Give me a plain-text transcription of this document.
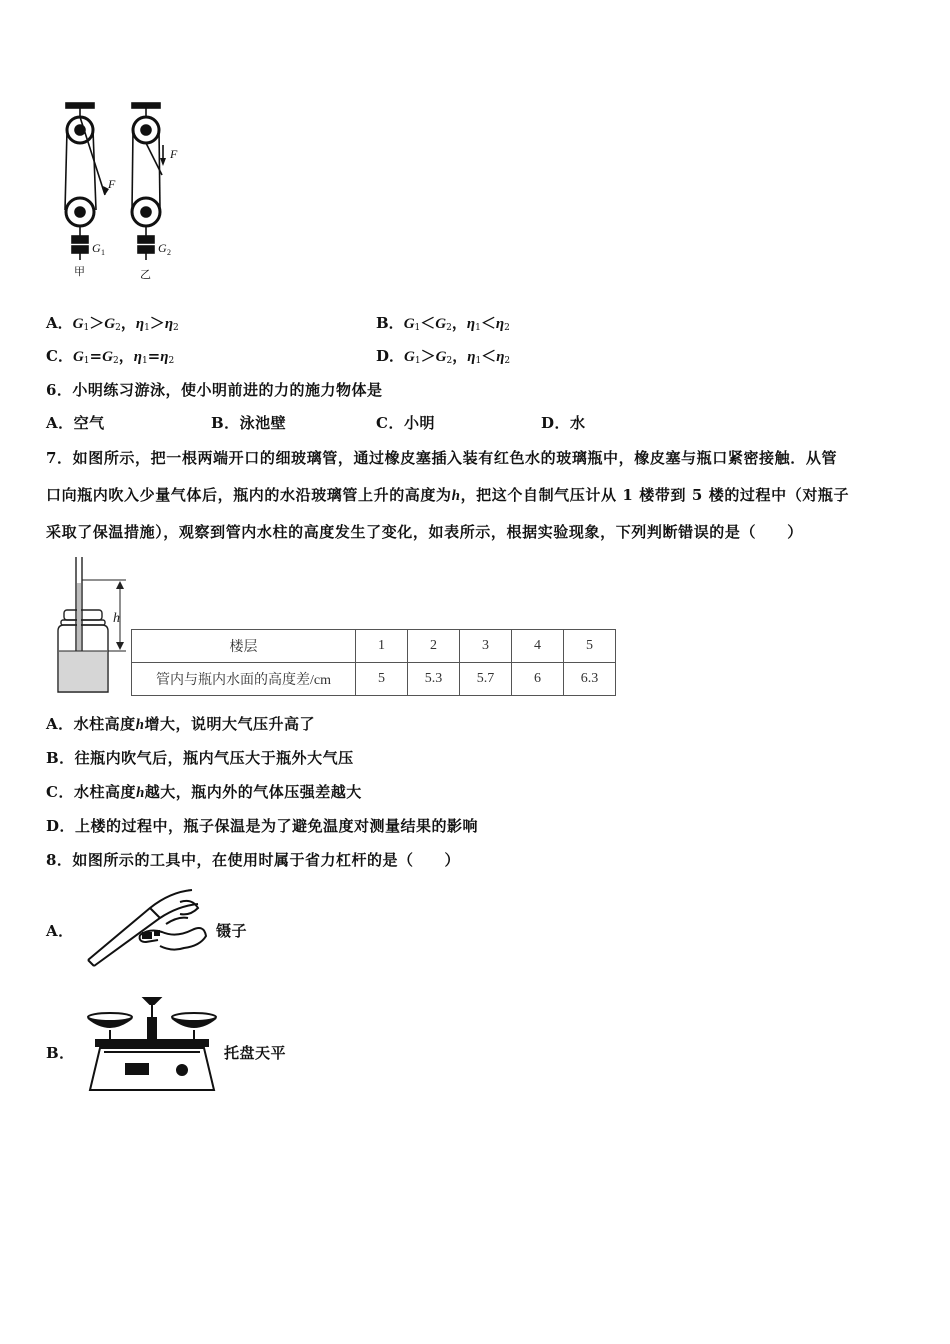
F
F
G	G
1	2
甲	乙
A．$G_1>G_2$，$\eta_1>\eta_2$	B．$G_1<G_2$，$\eta_1<\eta_2$
C．$G_1=G_2$，$\eta_1=\eta_2$	D．$G_1>G_2$，$\eta_1<\eta_2$
6．小明练习游泳，使小明前进的力的施力物体是
A．空气	B．泳池壁	C．小明	D．水
7．如图所示，把一根两端开口的细玻璃管，通过橡皮塞插入装有红色水的玻璃瓶中，橡皮塞与瓶口紧密接触．从管
口向瓶内吹入少量气体后，瓶内的水沿玻璃管上升的高度为h，把这个自制气压计从 1 楼带到 5 楼的过程中（对瓶子
采取了保温措施），观察到管内水柱的高度发生了变化，如表所示，根据实验现象，下列判断错误的是（　　）
h
楼层	1	2	3	4	5
管内与瓶内水面的高度差/cm	5	5.3	5.7	6	6.3
A．水柱高度h增大，说明大气压升高了
B．往瓶内吹气后，瓶内气压大于瓶外大气压
C．水柱高度h越大，瓶内外的气体压强差越大
D．上楼的过程中，瓶子保温是为了避免温度对测量结果的影响
8．如图所示的工具中，在使用时属于省力杠杆的是（　　）
A．	镊子
B．	托盘天平
